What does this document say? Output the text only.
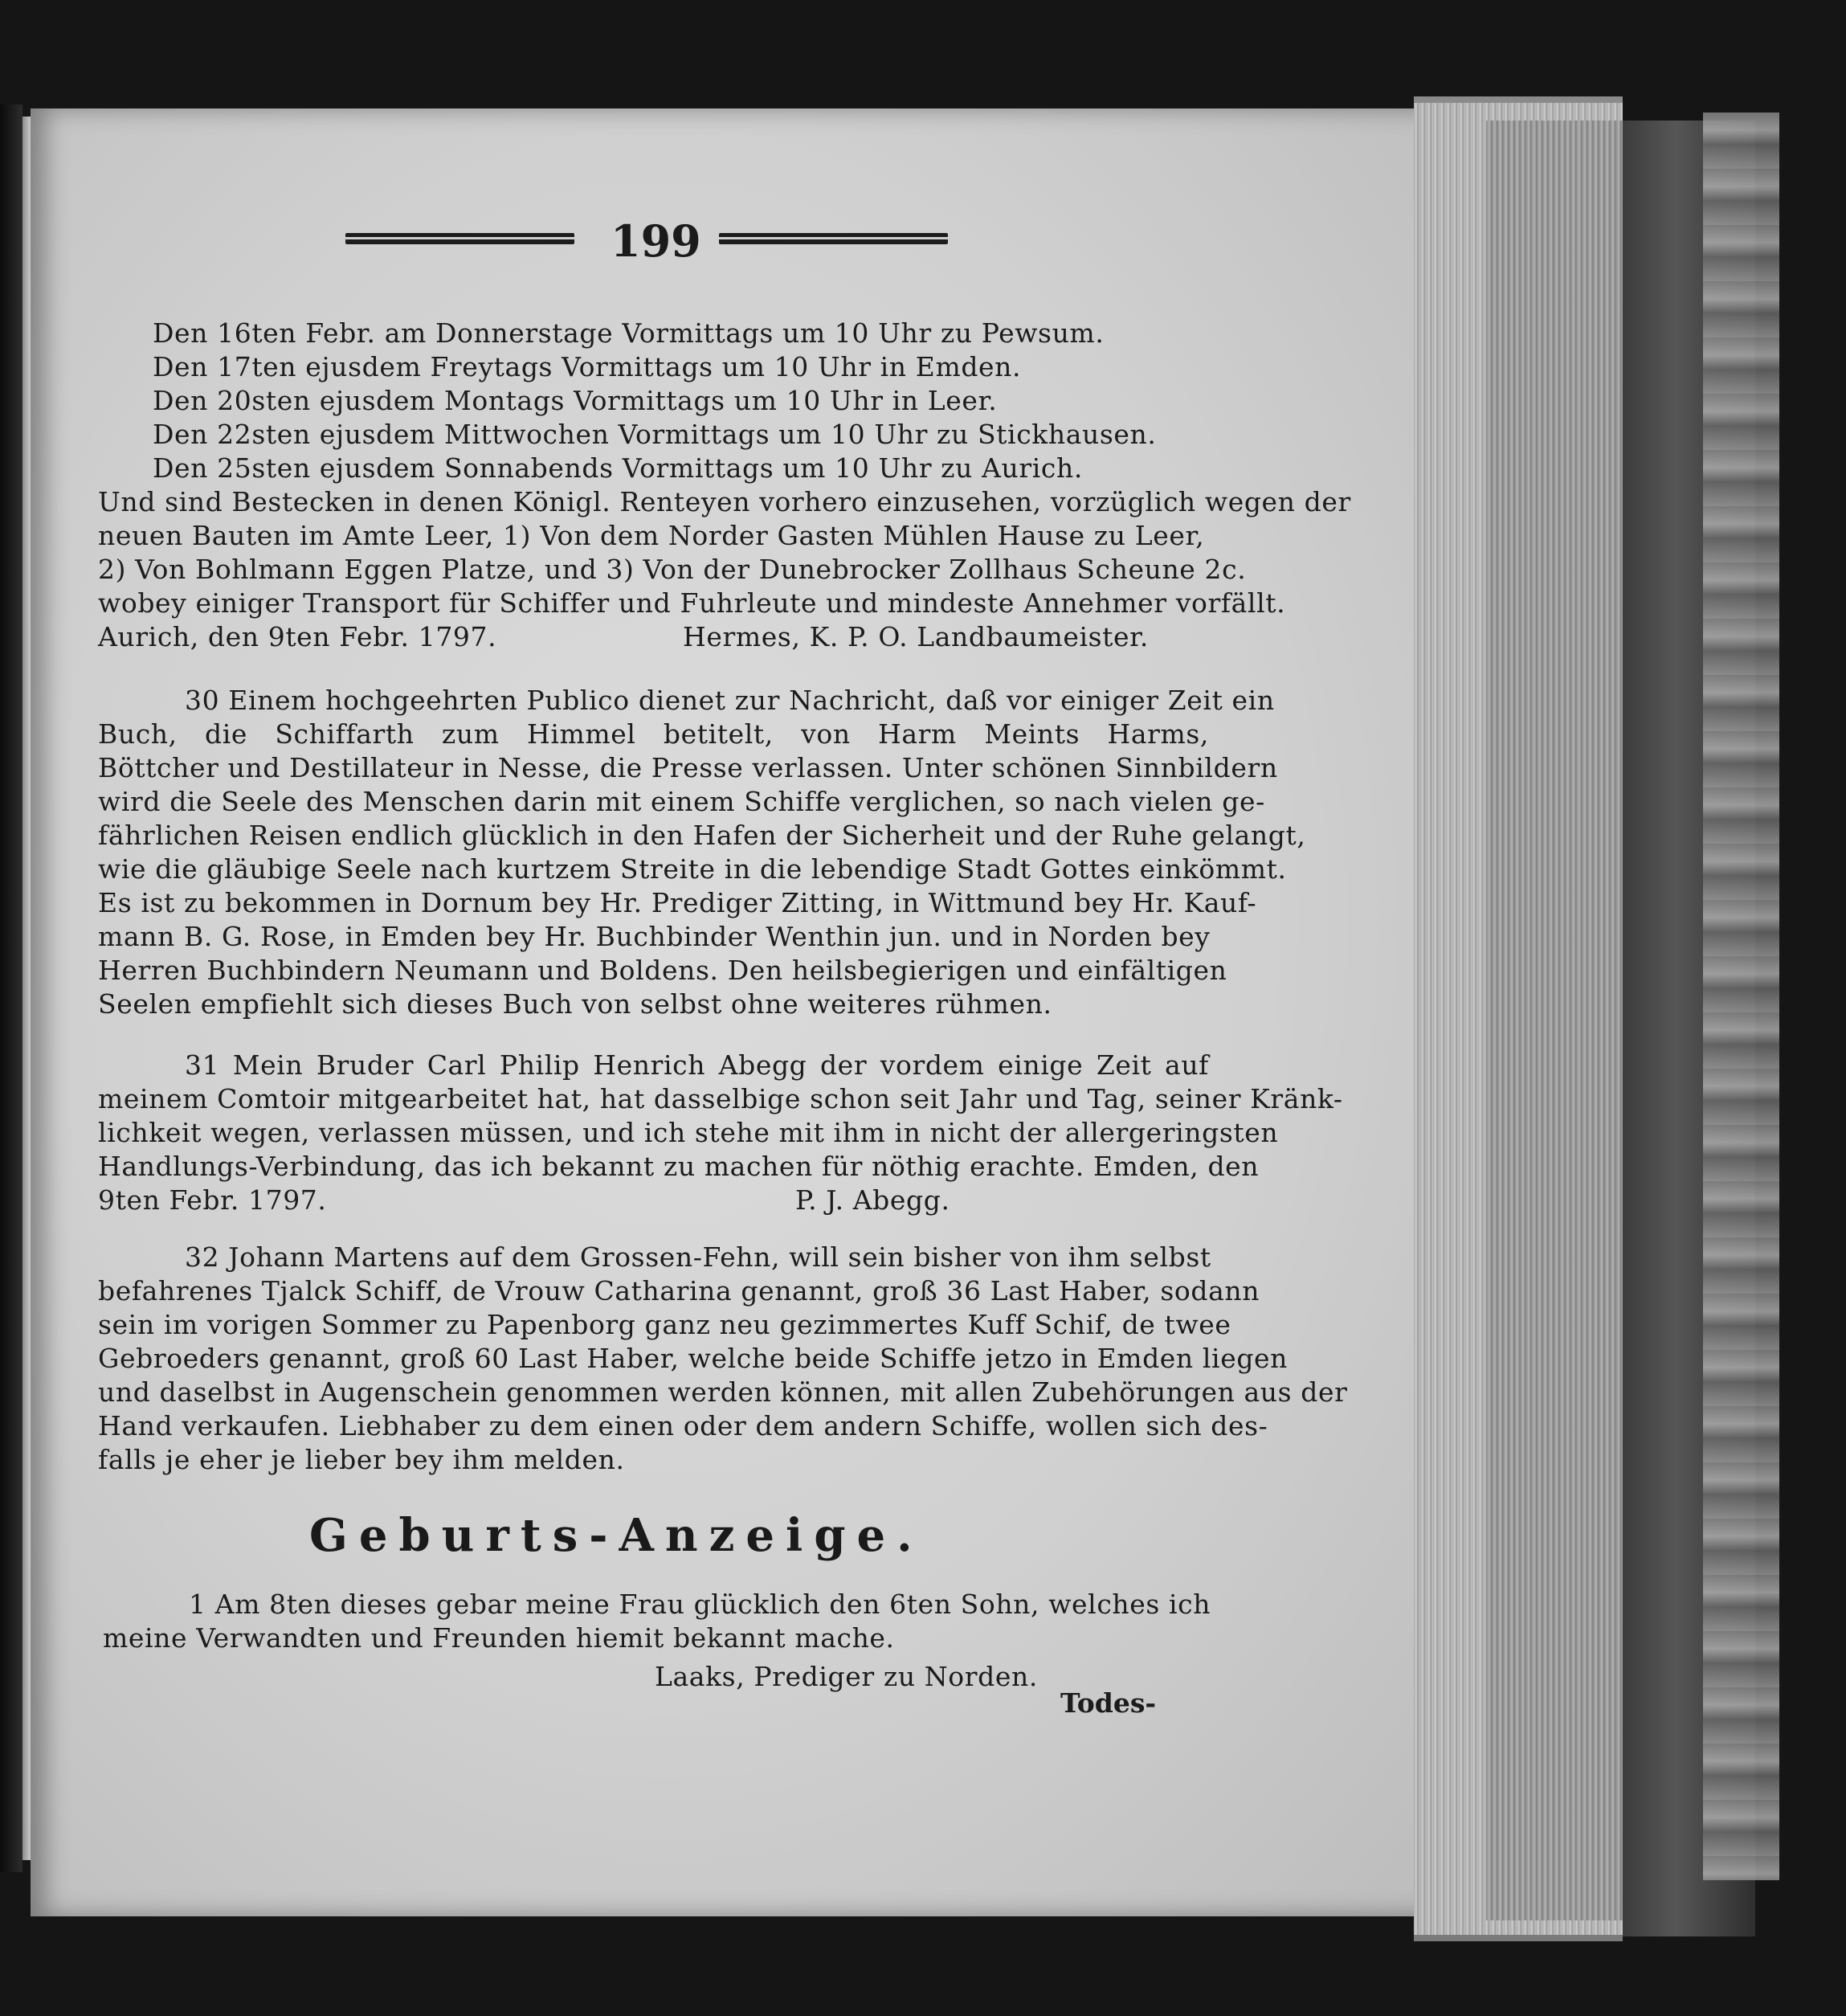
199
Den 16ten Febr. am Donnerstage Vormittags um 10 Uhr zu Pewsum.
Den 17ten ejusdem Freytags Vormittags um 10 Uhr in Emden.
Den 20sten ejusdem Montags Vormittags um 10 Uhr in Leer.
Den 22sten ejusdem Mittwochen Vormittags um 10 Uhr zu Stickhausen.
Den 25sten ejusdem Sonnabends Vormittags um 10 Uhr zu Aurich.
Und sind Bestecken in denen Königl. Renteyen vorhero einzusehen, vorzüglich wegen der
neuen Bauten im Amte Leer, 1) Von dem Norder Gasten Mühlen Hause zu Leer,
2) Von Bohlmann Eggen Platze, und 3) Von der Dunebrocker Zollhaus Scheune 2c.
wobey einiger Transport für Schiffer und Fuhrleute und mindeste Annehmer vorfällt.
Aurich, den 9ten Febr. 1797.	Hermes, K. P. O. Landbaumeister.
30 Einem hochgeehrten Publico dienet zur Nachricht, daß vor einiger Zeit ein
Buch, die Schiffarth zum Himmel betitelt, von Harm Meints Harms,
Böttcher und Destillateur in Nesse, die Presse verlassen. Unter schönen Sinnbildern
wird die Seele des Menschen darin mit einem Schiffe verglichen, so nach vielen ge-
fährlichen Reisen endlich glücklich in den Hafen der Sicherheit und der Ruhe gelangt,
wie die gläubige Seele nach kurtzem Streite in die lebendige Stadt Gottes einkömmt.
Es ist zu bekommen in Dornum bey Hr. Prediger Zitting, in Wittmund bey Hr. Kauf-
mann B. G. Rose, in Emden bey Hr. Buchbinder Wenthin jun. und in Norden bey
Herren Buchbindern Neumann und Boldens. Den heilsbegierigen und einfältigen
Seelen empfiehlt sich dieses Buch von selbst ohne weiteres rühmen.
31 Mein Bruder Carl Philip Henrich Abegg der vordem einige Zeit auf
meinem Comtoir mitgearbeitet hat, hat dasselbige schon seit Jahr und Tag, seiner Kränk-
lichkeit wegen, verlassen müssen, und ich stehe mit ihm in nicht der allergeringsten
Handlungs-Verbindung, das ich bekannt zu machen für nöthig erachte. Emden, den
9ten Febr. 1797.	P. J. Abegg.
32 Johann Martens auf dem Grossen-Fehn, will sein bisher von ihm selbst
befahrenes Tjalck Schiff, de Vrouw Catharina genannt, groß 36 Last Haber, sodann
sein im vorigen Sommer zu Papenborg ganz neu gezimmertes Kuff Schif, de twee
Gebroeders genannt, groß 60 Last Haber, welche beide Schiffe jetzo in Emden liegen
und daselbst in Augenschein genommen werden können, mit allen Zubehörungen aus der
Hand verkaufen. Liebhaber zu dem einen oder dem andern Schiffe, wollen sich des-
falls je eher je lieber bey ihm melden.
Geburts-Anzeige.
1 Am 8ten dieses gebar meine Frau glücklich den 6ten Sohn, welches ich
meine Verwandten und Freunden hiemit bekannt mache.
Laaks, Prediger zu Norden.
Todes-
